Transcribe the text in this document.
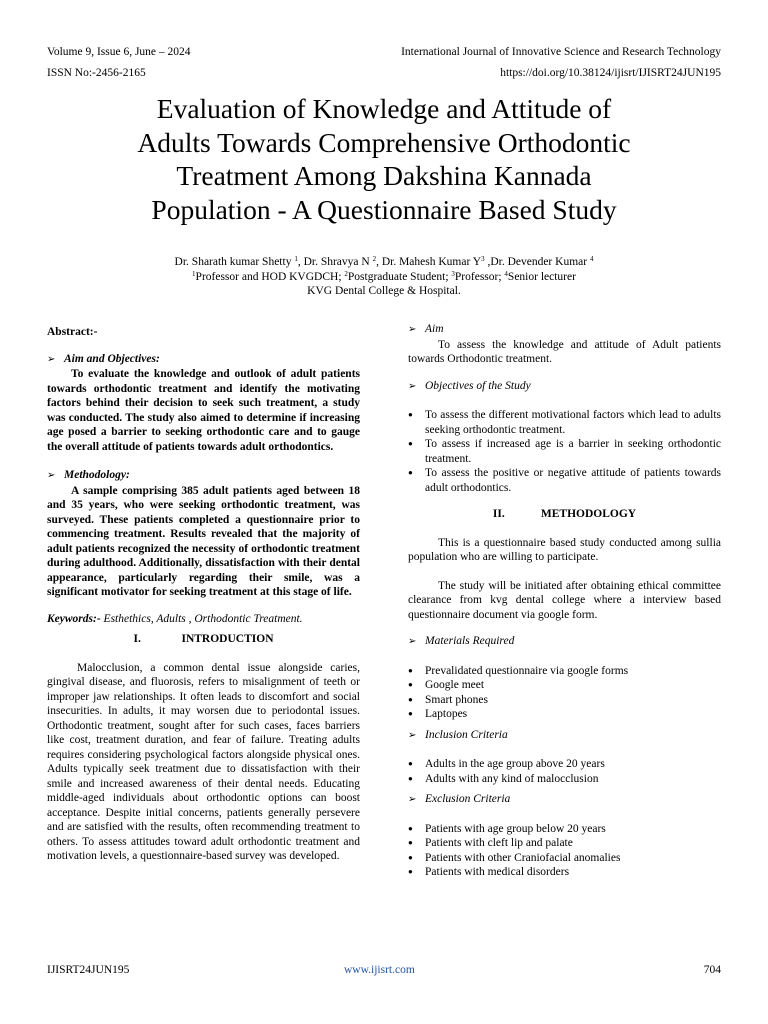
Volume 9, Issue 6, June – 2024	International Journal of Innovative Science and Research Technology
ISSN No:-2456-2165	https://doi.org/10.38124/ijisrt/IJISRT24JUN195
Evaluation of Knowledge and Attitude of
Adults Towards Comprehensive Orthodontic
Treatment Among Dakshina Kannada
Population - A Questionnaire Based Study
Dr. Sharath kumar Shetty $^1$, Dr. Shravya N $^2$, Dr. Mahesh Kumar $Y^3$ ,Dr. Devender Kumar $^4$
$^1$Professor and HOD KVGDCH; $^2$Postgraduate Student; $^3$Professor; $^4$Senior lecturer
KVG Dental College & Hospital.

Abstract:-

➢ Aim and Objectives:

To evaluate the knowledge and outlook of adult patients towards orthodontic treatment and identify the motivating factors behind their decision to seek such treatment, a study was conducted. The study also aimed to determine if increasing age posed a barrier to seeking orthodontic care and to gauge the overall attitude of patients towards adult orthodontics.

➢ Methodology:

A sample comprising 385 adult patients aged between 18 and 35 years, who were seeking orthodontic treatment, was surveyed. These patients completed a questionnaire prior to commencing treatment. Results revealed that the majority of adult patients recognized the necessity of orthodontic treatment during adulthood. Additionally, dissatisfaction with their dental appearance, particularly regarding their smile, was a significant motivator for seeking treatment at this stage of life.

Keywords:- Esthethics, Adults , Orthodontic Treatment.

I.	INTRODUCTION

Malocclusion, a common dental issue alongside caries, gingival disease, and fluorosis, refers to misalignment of teeth or improper jaw relationships. It often leads to discomfort and social insecurities. In adults, it may worsen due to periodontal issues. Orthodontic treatment, sought after for such cases, faces barriers like cost, treatment duration, and fear of failure. Treating adults requires considering psychological factors alongside physical ones. Adults typically seek treatment due to dissatisfaction with their smile and increased awareness of their dental needs. Educating middle-aged individuals about orthodontic options can boost acceptance. Despite initial concerns, patients generally persevere and are satisfied with the results, often recommending treatment to others. To assess attitudes toward adult orthodontic treatment and motivation levels, a questionnaire-based survey was developed.

➢ Aim

To assess the knowledge and attitude of Adult patients towards Orthodontic treatment.

➢ Objectives of the Study
● To assess the different motivational factors which lead to adults seeking orthodontic treatment.
● To assess if increased age is a barrier in seeking orthodontic treatment.
● To assess the positive or negative attitude of patients towards adult orthodontics.

II.	METHODOLOGY

This is a questionnaire based study conducted among sullia population who are willing to participate.

The study will be initiated after obtaining ethical committee clearance from kvg dental college where a interview based questionnaire document via google form.

➢ Materials Required
● Prevalidated questionnaire via google forms
● Google meet
● Smart phones
● Laptopes
➢ Inclusion Criteria
● Adults in the age group above 20 years
● Adults with any kind of malocclusion
➢ Exclusion Criteria
● Patients with age group below 20 years
● Patients with cleft lip and palate
● Patients with other Craniofacial anomalies
● Patients with medical disorders
IJISRT24JUN195	www.ijisrt.com	704
